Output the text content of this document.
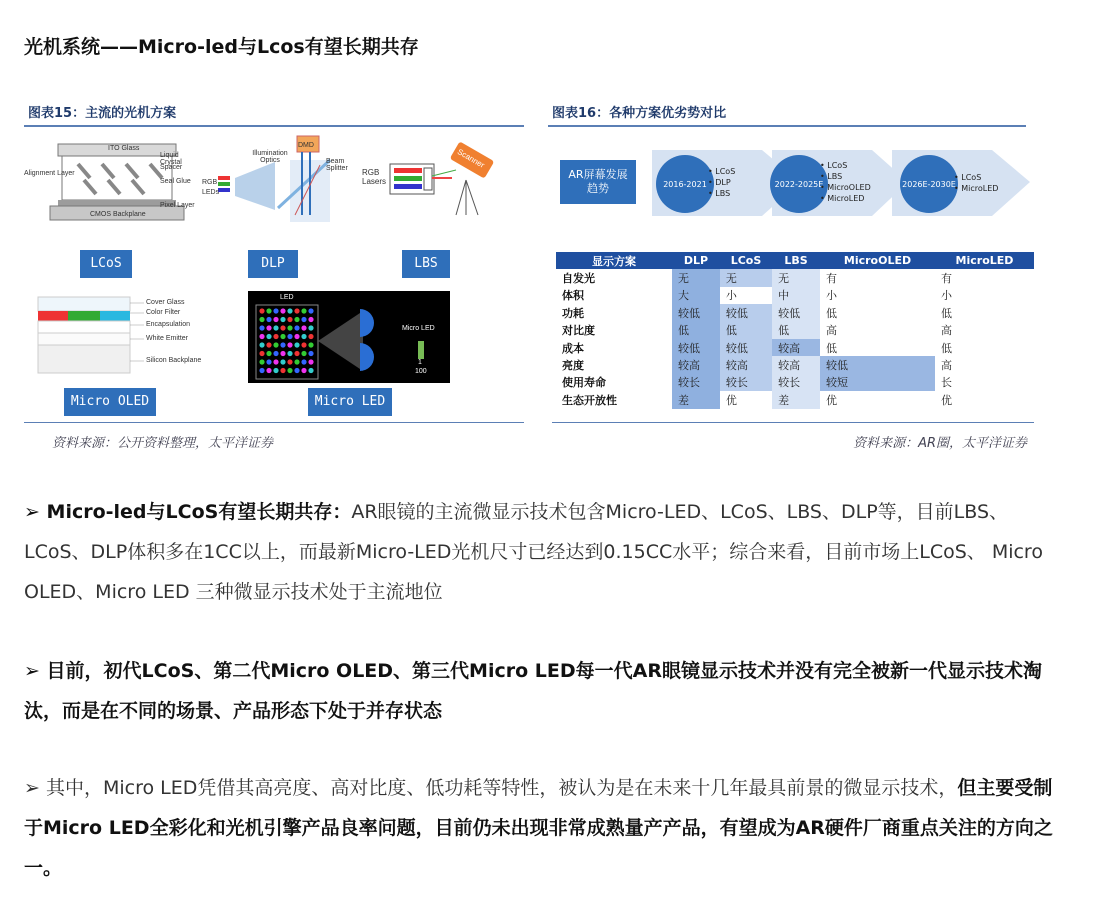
光机系统——Micro-led与Lcos有望长期共存
图表15：主流的光机方案
ITO Glass
Liquid Crystal
Spacer
Seal Glue
Pixel Layer
Alignment Layer
CMOS Backplane
DMD
Illumination Optics	Beam Splitter
RGB
LEDs
RGB Lasers
Scanner
LCoS	DLP	LBS
Cover Glass
Color Filter
Encapsulation
White Emitter
Silicon Backplane
LED
Micro LED
1
100
Micro OLED	Micro LED
资料来源：公开资料整理，太平洋证券
图表16：各种方案优劣势对比
AR屏幕发展趋势	2016-2021
• LCoS
• DLP
• LBS
2022-2025E
• LCoS
• LBS
• MicroOLED
• MicroLED
2026E-2030E
• LCoS
• MicroLED
显示方案	DLP	LCoS	LBS	MicroOLED	MicroLED
自发光	无	无	无	有	有
体积	大	小	中	小	小
功耗	较低	较低	较低	低	低
对比度	低	低	低	高	高
成本	较低	较低	较高	低	低
亮度	较高	较高	较高	较低	高
使用寿命	较长	较长	较长	较短	长
生态开放性	差	优	差	优	优
资料来源：AR圈，太平洋证券
➢ Micro-led与LCoS有望长期共存：AR眼镜的主流微显示技术包含Micro-LED、LCoS、LBS、DLP等，目前LBS、LCoS、DLP体积多在1CC以上，而最新Micro-LED光机尺寸已经达到0.15CC水平；综合来看，目前市场上LCoS、 Micro OLED、Micro LED 三种微显示技术处于主流地位
➢ 目前，初代LCoS、第二代Micro OLED、第三代Micro LED每一代AR眼镜显示技术并没有完全被新一代显示技术淘汰，而是在不同的场景、产品形态下处于并存状态
➢ 其中，Micro LED凭借其高亮度、高对比度、低功耗等特性，被认为是在未来十几年最具前景的微显示技术，但主要受制于Micro LED全彩化和光机引擎产品良率问题，目前仍未出现非常成熟量产产品，有望成为AR硬件厂商重点关注的方向之一。
